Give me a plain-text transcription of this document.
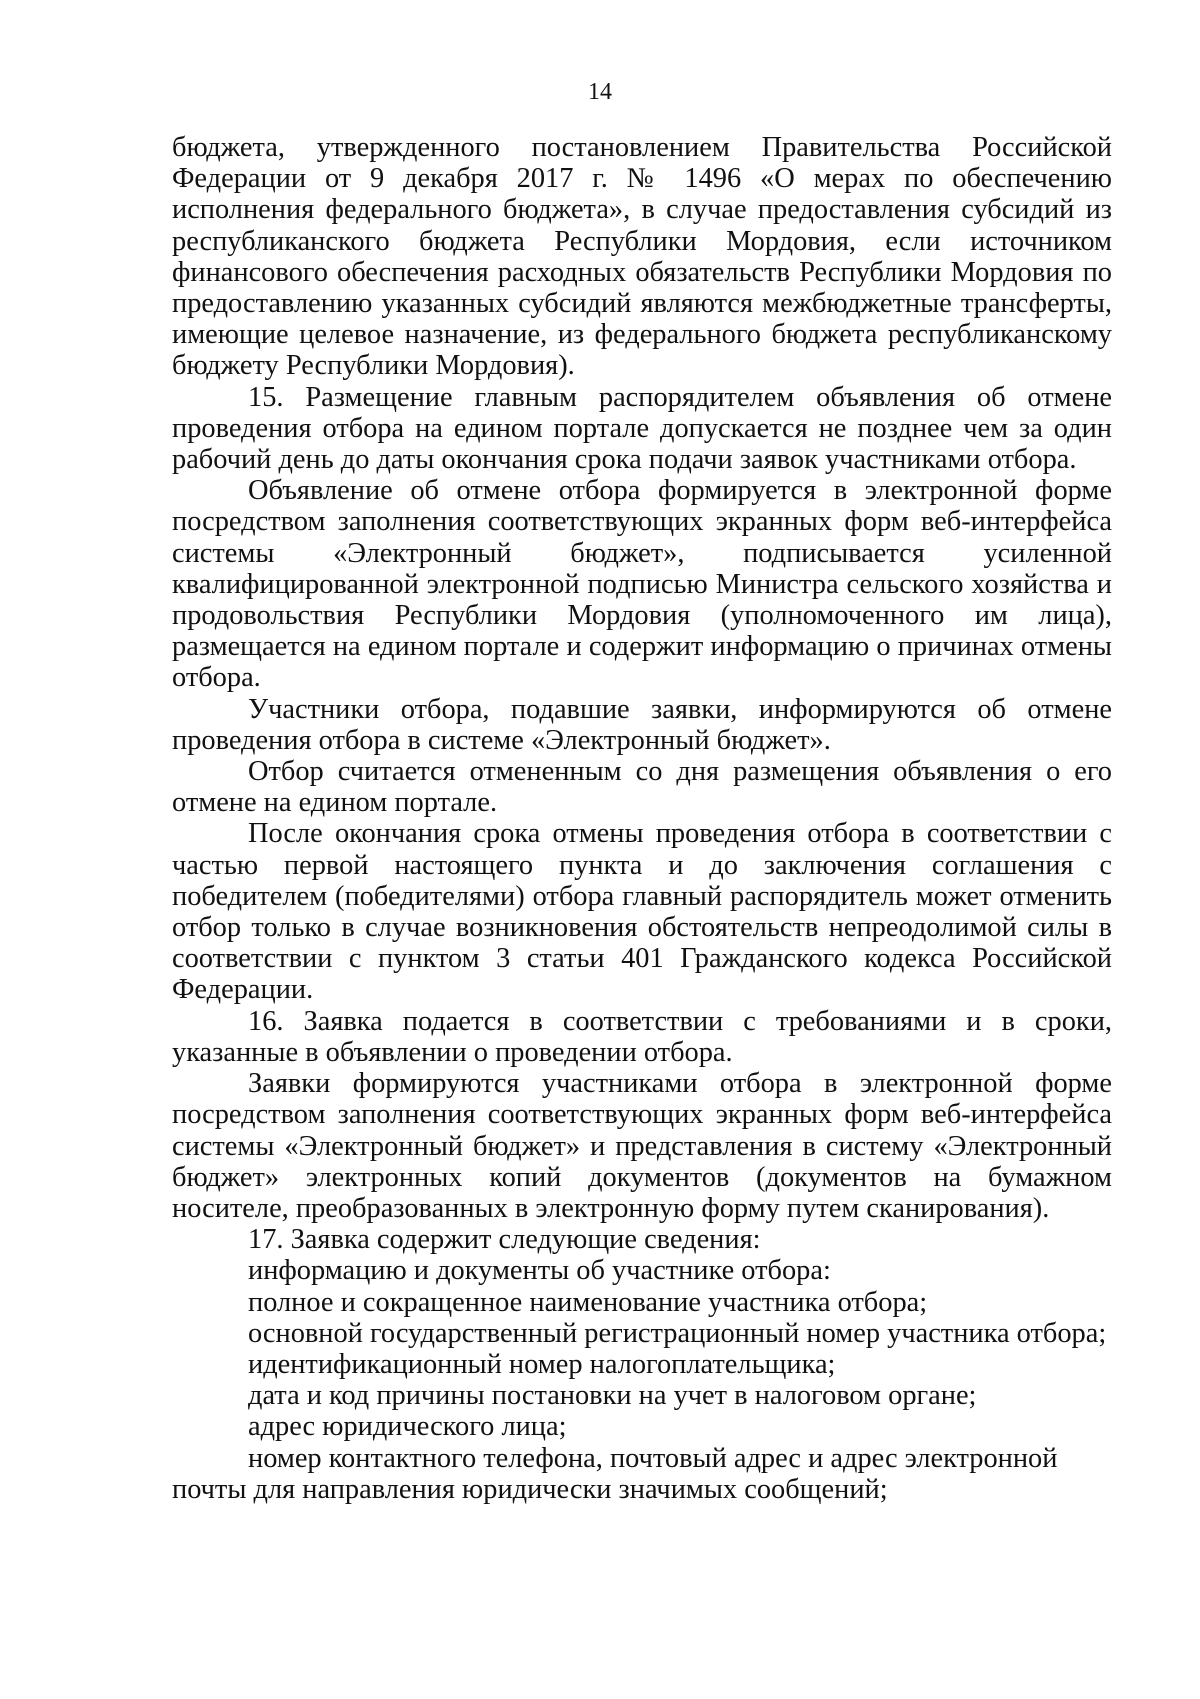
14

бюджета, утвержденного постановлением Правительства Российской Федерации от 9 декабря 2017 г. № 1496 «О мерах по обеспечению исполнения федерального бюджета», в случае предоставления субсидий из республиканского бюджета Республики Мордовия, если источником финансового обеспечения расходных обязательств Республики Мордовия по предоставлению указанных субсидий являются межбюджетные трансферты, имеющие целевое назначение, из федерального бюджета республиканскому бюджету Республики Мордовия).

15. Размещение главным распорядителем объявления об отмене проведения отбора на едином портале допускается не позднее чем за один рабочий день до даты окончания срока подачи заявок участниками отбора.

Объявление об отмене отбора формируется в электронной форме посредством заполнения соответствующих экранных форм веб-интерфейса системы «Электронный бюджет», подписывается усиленной квалифицированной электронной подписью Министра сельского хозяйства и продовольствия Республики Мордовия (уполномоченного им лица), размещается на едином портале и содержит информацию о причинах отмены отбора.

Участники отбора, подавшие заявки, информируются об отмене проведения отбора в системе «Электронный бюджет».

Отбор считается отмененным со дня размещения объявления о его отмене на едином портале.

После окончания срока отмены проведения отбора в соответствии с частью первой настоящего пункта и до заключения соглашения с победителем (победителями) отбора главный распорядитель может отменить отбор только в случае возникновения обстоятельств непреодолимой силы в соответствии с пунктом 3 статьи 401 Гражданского кодекса Российской Федерации.

16. Заявка подается в соответствии с требованиями и в сроки, указанные в объявлении о проведении отбора.

Заявки формируются участниками отбора в электронной форме посредством заполнения соответствующих экранных форм веб-интерфейса системы «Электронный бюджет» и представления в систему «Электронный бюджет» электронных копий документов (документов на бумажном носителе, преобразованных в электронную форму путем сканирования).

17. Заявка содержит следующие сведения:

информацию и документы об участнике отбора:

полное и сокращенное наименование участника отбора;

основной государственный регистрационный номер участника отбора;

идентификационный номер налогоплательщика;

дата и код причины постановки на учет в налоговом органе;

адрес юридического лица;

номер контактного телефона, почтовый адрес и адрес электронной почты для направления юридически значимых сообщений;
